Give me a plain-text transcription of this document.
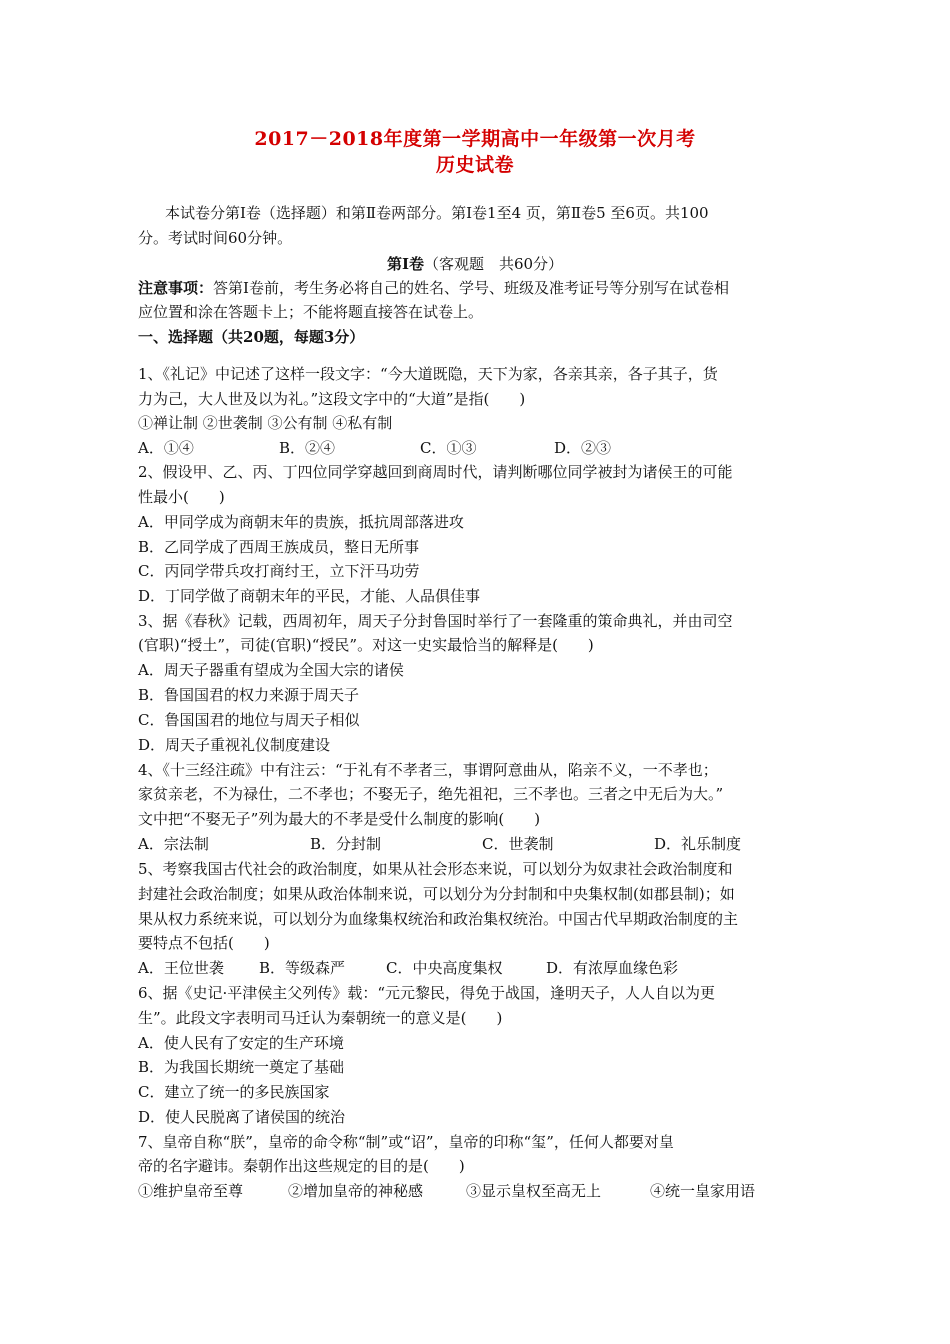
2017－2018年度第一学期高中一年级第一次月考
历史试卷
本试卷分第Ⅰ卷（选择题）和第Ⅱ卷两部分。第Ⅰ卷1至4 页，第Ⅱ卷5 至6页。共100
分。考试时间60分钟。
第Ⅰ卷（客观题　共60分）
注意事项：答第Ⅰ卷前，考生务必将自己的姓名、学号、班级及准考证号等分别写在试卷相
应位置和涂在答题卡上；不能将题直接答在试卷上。
一、选择题（共20题，每题3分）
1、《礼记》中记述了这样一段文字：“今大道既隐，天下为家，各亲其亲，各子其子，货
力为己，大人世及以为礼。”这段文字中的“大道”是指(　　)
①禅让制 ②世袭制 ③公有制 ④私有制
A．①④	B．②④	C．①③	D．②③
2、假设甲、乙、丙、丁四位同学穿越回到商周时代，请判断哪位同学被封为诸侯王的可能
性最小(　　)
A．甲同学成为商朝末年的贵族，抵抗周部落进攻
B．乙同学成了西周王族成员，整日无所事
C．丙同学带兵攻打商纣王，立下汗马功劳
D．丁同学做了商朝末年的平民，才能、人品俱佳事
3、据《春秋》记载，西周初年，周天子分封鲁国时举行了一套隆重的策命典礼，并由司空
(官职)“授土”，司徒(官职)“授民”。对这一史实最恰当的解释是(　　)
A．周天子器重有望成为全国大宗的诸侯
B．鲁国国君的权力来源于周天子
C．鲁国国君的地位与周天子相似
D．周天子重视礼仪制度建设
4、《十三经注疏》中有注云：“于礼有不孝者三，事谓阿意曲从，陷亲不义，一不孝也；
家贫亲老，不为禄仕，二不孝也；不娶无子，绝先祖祀，三不孝也。三者之中无后为大。”
文中把“不娶无子”列为最大的不孝是受什么制度的影响(　　)
A．宗法制	B．分封制	C．世袭制	D．礼乐制度
5、考察我国古代社会的政治制度，如果从社会形态来说，可以划分为奴隶社会政治制度和
封建社会政治制度；如果从政治体制来说，可以划分为分封制和中央集权制(如郡县制)；如
果从权力系统来说，可以划分为血缘集权统治和政治集权统治。中国古代早期政治制度的主
要特点不包括(　　)
A．王位世袭 B．等级森严	C．中央高度集权	D．有浓厚血缘色彩
6、据《史记·平津侯主父列传》载：“元元黎民，得免于战国，逢明天子，人人自以为更
生”。此段文字表明司马迁认为秦朝统一的意义是(　　)
A．使人民有了安定的生产环境
B．为我国长期统一奠定了基础
C．建立了统一的多民族国家
D．使人民脱离了诸侯国的统治
7、皇帝自称“朕”，皇帝的命令称“制”或“诏”，皇帝的印称“玺”，任何人都要对皇
帝的名字避讳。秦朝作出这些规定的目的是(　　)
①维护皇帝至尊	②增加皇帝的神秘感	③显示皇权至高无上	④统一皇家用语
